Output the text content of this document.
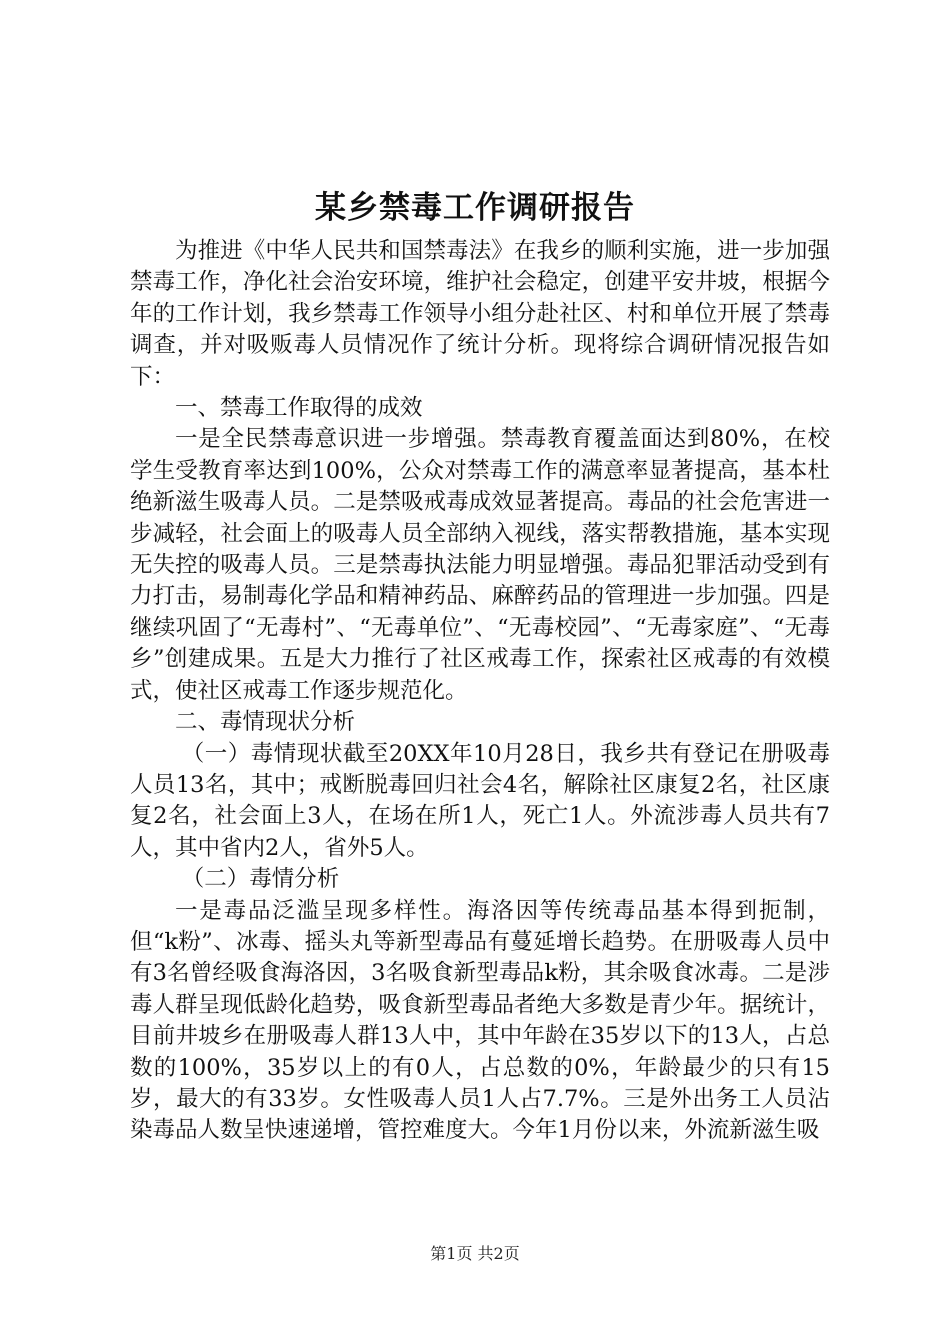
某乡禁毒工作调研报告

为推进《中华人民共和国禁毒法》在我乡的顺利实施，进一步加强禁毒工作，净化社会治安环境，维护社会稳定，创建平安井坡，根据今年的工作计划，我乡禁毒工作领导小组分赴社区、村和单位开展了禁毒调查，并对吸贩毒人员情况作了统计分析。现将综合调研情况报告如下：

一、禁毒工作取得的成效

一是全民禁毒意识进一步增强。禁毒教育覆盖面达到80%，在校学生受教育率达到100%，公众对禁毒工作的满意率显著提高，基本杜绝新滋生吸毒人员。二是禁吸戒毒成效显著提高。毒品的社会危害进一步减轻，社会面上的吸毒人员全部纳入视线，落实帮教措施，基本实现无失控的吸毒人员。三是禁毒执法能力明显增强。毒品犯罪活动受到有力打击，易制毒化学品和精神药品、麻醉药品的管理进一步加强。四是继续巩固了“无毒村”、“无毒单位”、“无毒校园”、“无毒家庭”、“无毒乡”创建成果。五是大力推行了社区戒毒工作，探索社区戒毒的有效模式，使社区戒毒工作逐步规范化。

二、毒情现状分析

（一）毒情现状截至20XX年10月28日，我乡共有登记在册吸毒人员13名，其中；戒断脱毒回归社会4名，解除社区康复2名，社区康复2名，社会面上3人，在场在所1人，死亡1人。外流涉毒人员共有7人，其中省内2人，省外5人。

（二）毒情分析

一是毒品泛滥呈现多样性。海洛因等传统毒品基本得到扼制，但“k粉”、冰毒、摇头丸等新型毒品有蔓延增长趋势。在册吸毒人员中有3名曾经吸食海洛因，3名吸食新型毒品k粉，其余吸食冰毒。二是涉毒人群呈现低龄化趋势，吸食新型毒品者绝大多数是青少年。据统计，目前井坡乡在册吸毒人群13人中，其中年龄在35岁以下的13人，占总数的100%，35岁以上的有0人，占总数的0%，年龄最少的只有15岁，最大的有33岁。女性吸毒人员1人占7.7%。三是外出务工人员沾染毒品人数呈快速递增，管控难度大。今年1月份以来，外流新滋生吸

第1页 共2页
